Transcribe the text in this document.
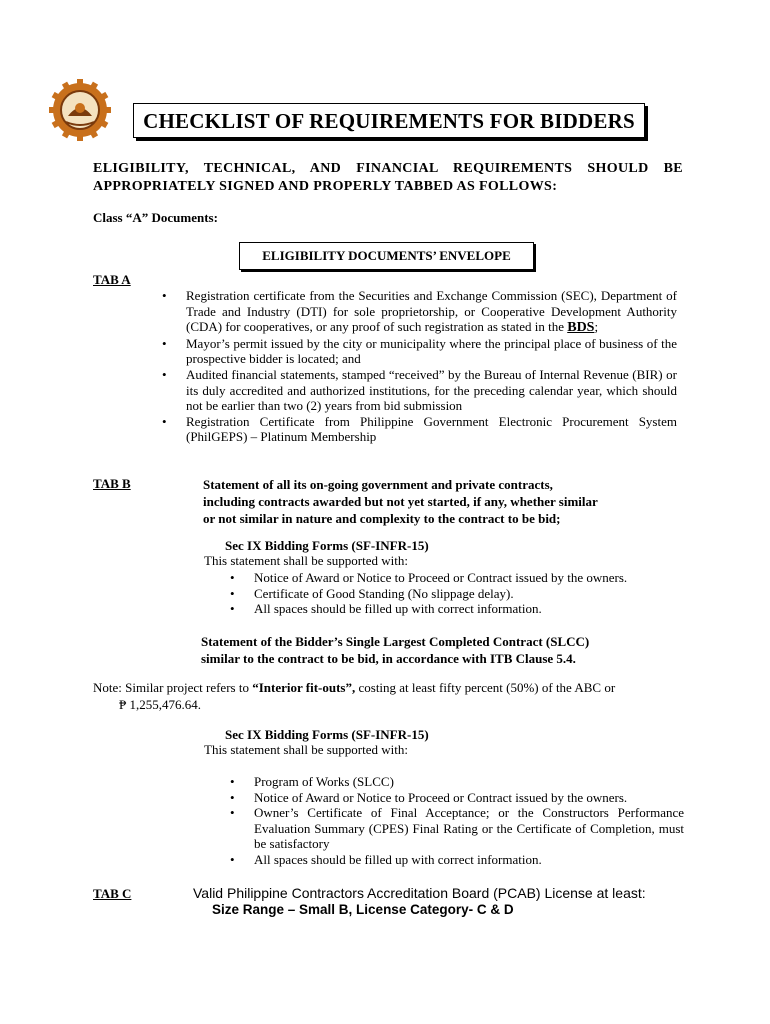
CHECKLIST OF REQUIREMENTS FOR BIDDERS
ELIGIBILITY, TECHNICAL, AND FINANCIAL REQUIREMENTS SHOULD BE APPROPRIATELY SIGNED AND PROPERLY TABBED AS FOLLOWS:
Class “A” Documents:
ELIGIBILITY DOCUMENTS’ ENVELOPE
TAB A
• Registration certificate from the Securities and Exchange Commission (SEC), Department of Trade and Industry (DTI) for sole proprietorship, or Cooperative Development Authority (CDA) for cooperatives, or any proof of such registration as stated in the BDS;
• Mayor’s permit issued by the city or municipality where the principal place of business of the prospective bidder is located; and
• Audited financial statements, stamped “received” by the Bureau of Internal Revenue (BIR) or its duly accredited and authorized institutions, for the preceding calendar year, which should not be earlier than two (2) years from bid submission
• Registration Certificate from Philippine Government Electronic Procurement System (PhilGEPS) – Platinum Membership
TAB B	Statement of all its on-going government and private contracts,
including contracts awarded but not yet started, if any, whether similar
or not similar in nature and complexity to the contract to be bid;
Sec IX Bidding Forms (SF-INFR-15)
This statement shall be supported with:
• Notice of Award or Notice to Proceed or Contract issued by the owners.
• Certificate of Good Standing (No slippage delay).
• All spaces should be filled up with correct information.
Statement of the Bidder’s Single Largest Completed Contract (SLCC)
similar to the contract to be bid, in accordance with ITB Clause 5.4.
Note: Similar project refers to “Interior fit-outs”, costing at least fifty percent (50%) of the ABC or
₱ 1,255,476.64.
Sec IX Bidding Forms (SF-INFR-15)
This statement shall be supported with:
• Program of Works (SLCC)
• Notice of Award or Notice to Proceed or Contract issued by the owners.
• Owner’s Certificate of Final Acceptance; or the Constructors Performance Evaluation Summary (CPES) Final Rating or the Certificate of Completion, must be satisfactory
• All spaces should be filled up with correct information.
TAB C	Valid Philippine Contractors Accreditation Board (PCAB) License at least:
Size Range – Small B, License Category- C & D
